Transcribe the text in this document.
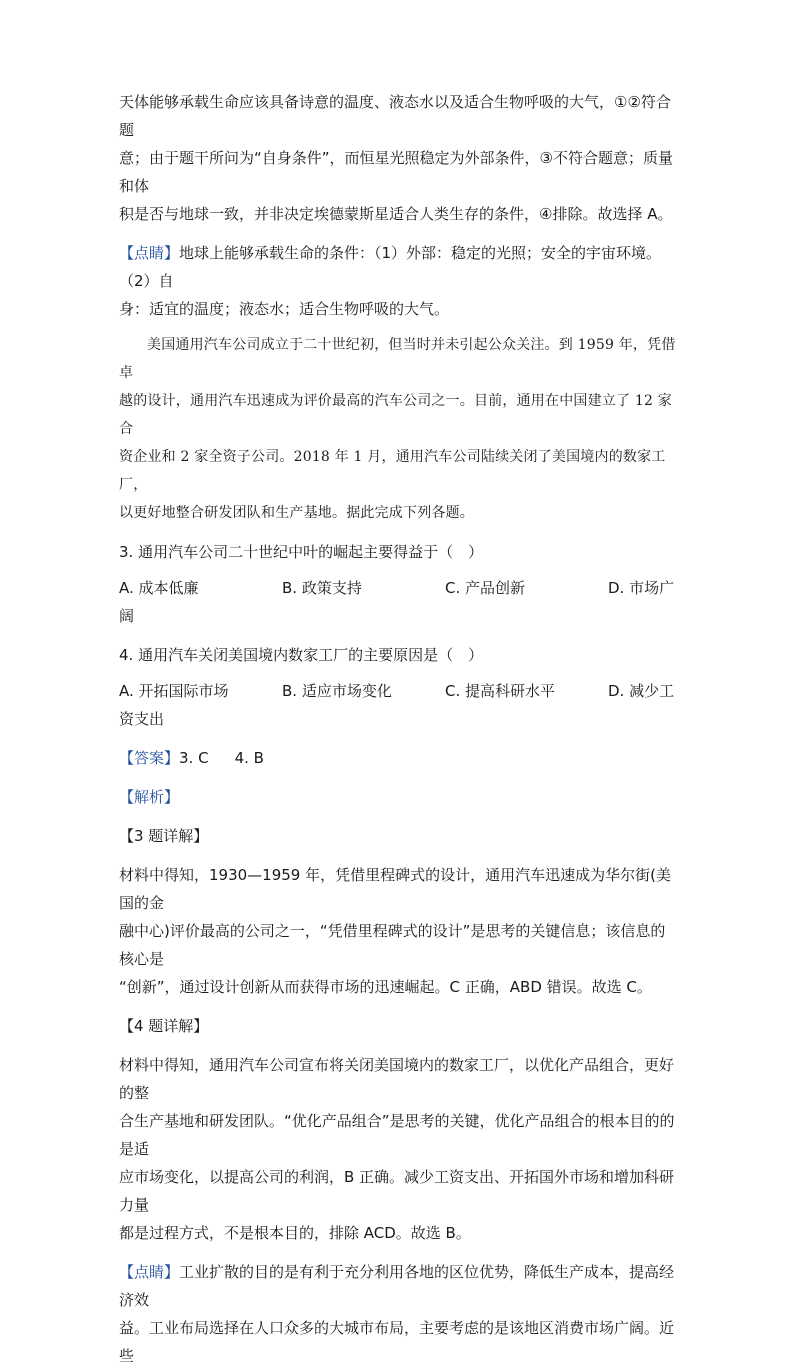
天体能够承载生命应该具备诗意的温度、液态水以及适合生物呼吸的大气，①②符合题

意；由于题干所问为“自身条件”，而恒星光照稳定为外部条件，③不符合题意；质量和体

积是否与地球一致，并非决定埃德蒙斯星适合人类生存的条件，④排除。故选择 A。

【点睛】地球上能够承载生命的条件：（1）外部：稳定的光照；安全的宇宙环境。（2）自

身：适宜的温度；液态水；适合生物呼吸的大气。

美国通用汽车公司成立于二十世纪初，但当时并未引起公众关注。到 1959 年，凭借卓

越的设计，通用汽车迅速成为评价最高的汽车公司之一。目前，通用在中国建立了 12 家合

资企业和 2 家全资子公司。2018 年 1 月，通用汽车公司陆续关闭了美国境内的数家工厂，

以更好地整合研发团队和生产基地。据此完成下列各题。

3. 通用汽车公司二十世纪中叶的崛起主要得益于（　）

A. 成本低廉	B. 政策支持	C. 产品创新	D. 市场广

阔

4. 通用汽车关闭美国境内数家工厂的主要原因是（　）

A. 开拓国际市场	B. 适应市场变化	C. 提高科研水平	D. 减少工

资支出

【答案】3. C 4. B

【解析】

【3 题详解】

材料中得知，1930—1959 年，凭借里程碑式的设计，通用汽车迅速成为华尔街(美国的金

融中心)评价最高的公司之一，“凭借里程碑式的设计”是思考的关键信息；该信息的核心是

“创新”，通过设计创新从而获得市场的迅速崛起。C 正确，ABD 错误。故选 C。

【4 题详解】

材料中得知，通用汽车公司宣布将关闭美国境内的数家工厂，以优化产品组合，更好的整

合生产基地和研发团队。“优化产品组合”是思考的关键，优化产品组合的根本目的的是适

应市场变化，以提高公司的利润，B 正确。减少工资支出、开拓国外市场和增加科研力量

都是过程方式，不是根本目的，排除 ACD。故选 B。

【点睛】工业扩散的目的是有利于充分利用各地的区位优势，降低生产成本，提高经济效

益。工业布局选择在人口众多的大城市布局，主要考虑的是该地区消费市场广阔。近些
